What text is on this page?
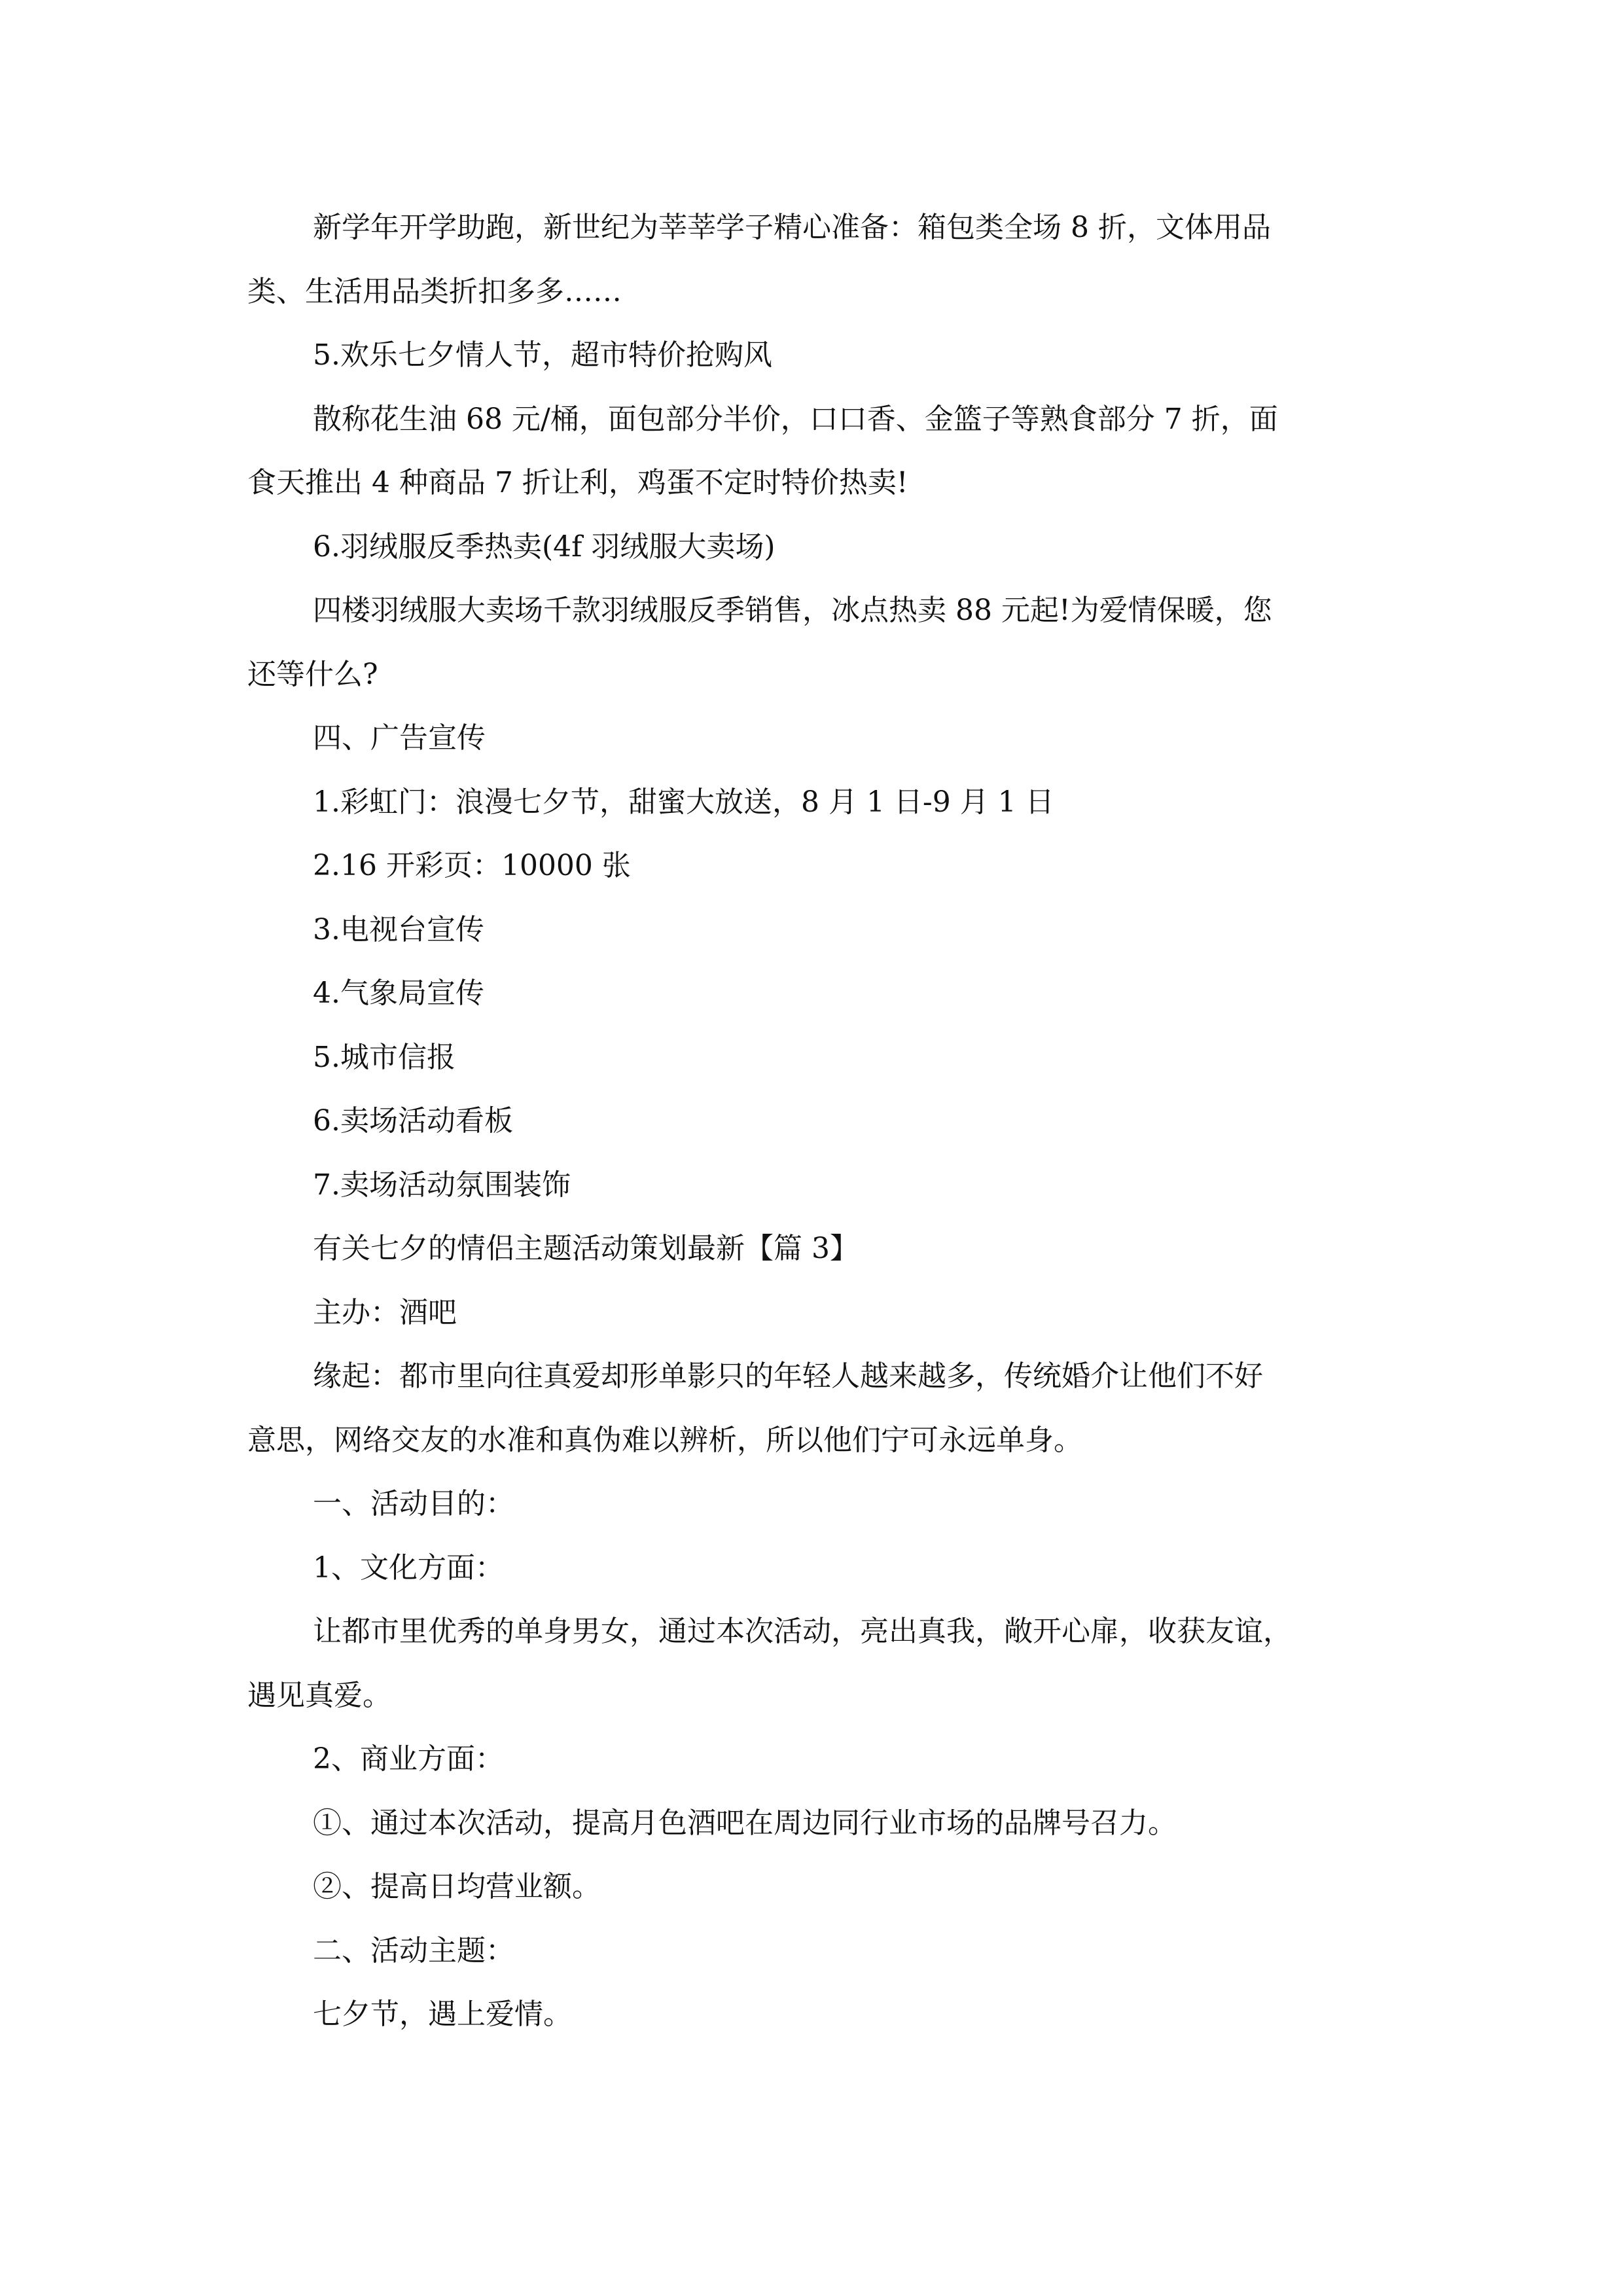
新学年开学助跑，新世纪为莘莘学子精心准备：箱包类全场 8 折，文体用品
类、生活用品类折扣多多……
5.欢乐七夕情人节，超市特价抢购风
散称花生油 68 元/桶，面包部分半价，口口香、金篮子等熟食部分 7 折，面
食天推出 4 种商品 7 折让利，鸡蛋不定时特价热卖!
6.羽绒服反季热卖(4f 羽绒服大卖场)
四楼羽绒服大卖场千款羽绒服反季销售，冰点热卖 88 元起!为爱情保暖，您
还等什么?
四、广告宣传
1.彩虹门：浪漫七夕节，甜蜜大放送，8 月 1 日-9 月 1 日
2.16 开彩页：10000 张
3.电视台宣传
4.气象局宣传
5.城市信报
6.卖场活动看板
7.卖场活动氛围装饰
有关七夕的情侣主题活动策划最新【篇 3】
主办：酒吧
缘起：都市里向往真爱却形单影只的年轻人越来越多，传统婚介让他们不好
意思，网络交友的水准和真伪难以辨析，所以他们宁可永远单身。
一、活动目的：
1、文化方面：
让都市里优秀的单身男女，通过本次活动，亮出真我，敞开心扉，收获友谊，
遇见真爱。
2、商业方面：
①、通过本次活动，提高月色酒吧在周边同行业市场的品牌号召力。
②、提高日均营业额。
二、活动主题：
七夕节，遇上爱情。
